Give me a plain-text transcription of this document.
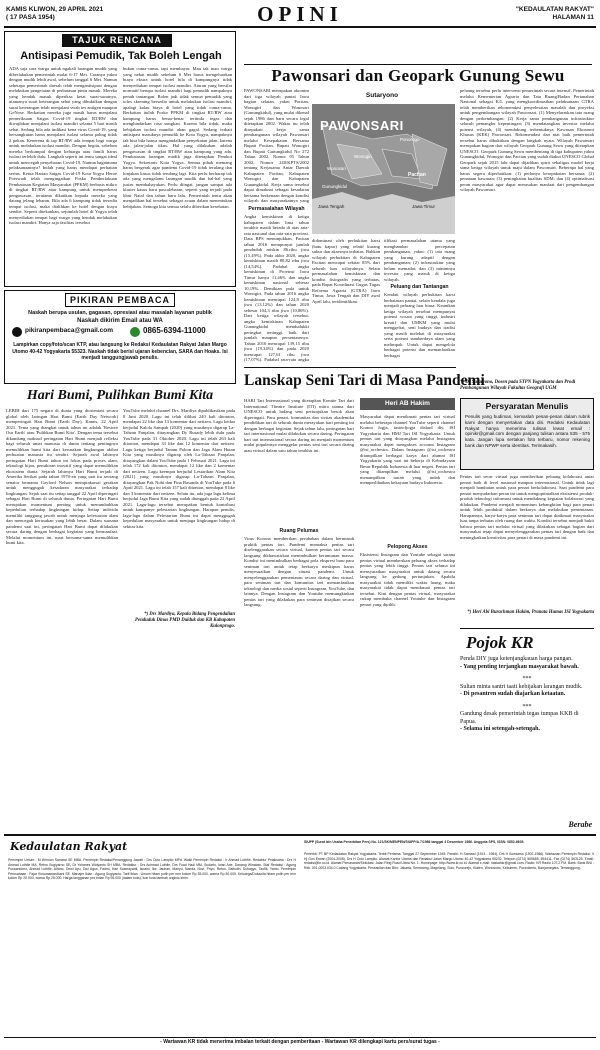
KAMIS KLIWON, 29 APRIL 2021
( 17 PASA 1954)	OPINI	"KEDAULATAN RAKYAT"
HALAMAN 11
TAJUK RENCANA
Antisipasi Pemudik, Tak Boleh Lengah
ADA saja cara warga untuk ngakali larangan mudik yang diberlakukan pemerintah mulai 6-17 Mei. Caranya yakni dengan mudik lebih awal, sebelum tanggal 6 Mei. Namun sebetapa pemerintah daerah telah mengantisipasi dengan melakukan pengetatan di perbatasan pintu masuk. Mereka yang hendak masuk diperiksa ketat surat-suratnya, utamanya surat keterangan sehat yang dibuktikan dengan surat keterangan telah menjalani swab tes antigen maupun GeNose. Berkaitan mereka juga masih harus menjalani pemeriksaan Satgas Covid-19 tingkat RT/RW dan diwajibkan menjalani isolasi mandiri selama 5 hari masih sehat. Sedang bila ada indikasi kena virus Covid-19, yang bersangkutan harus menjalani isolasi selama paling tidak 2 pekan. Kenerena di tap RT/RW ada tempat bagi warga untuk melakukan isolasi mandiri. Dengan begitu, sebelum mereka berkumpul dengan keluarga atau famili harus isolasi terlebih dulu. Langkah seperti ini tentu sangat ideal untuk mencegah penyebaran Covid-19. Namun bagaimana pelaksanaannya? Inilah yang harus mendapat perhatian serius. Ketua Harian Satgas Covid-19 Kota Yogya Heroe Poerwadi telah mengingatkan Posko Pemberlakuan Pembatasan Kegiatan Masyarakat (PPKM) berbasis mikro di tingkat RT/RW atau kampung untuk memperketat pengawasan, terutama dikaitkan kepada mereka yang datang jelang lebaran. Bila ada 6 kampung tidak tersedia tempat isolasi, maka dialihkan ke hotel dengan biaya sendiri. Seperti ditekankan, sejumlah hotel di Yogya telah menyediakan tempat bagi warga yang hendak melakukan isolasi mandiri. Hanya saja fasilitas tersebut
bukan cuma-cuma, tapi membayar. Mau tak mau warga yang nekat mudik sebelum 6 Mei harus mengeluarkan biaya ekstra untuk hotel bila di kampungnya tidak menyediakan tempat isolasi mandiri. Aturan yang bersifat normatif berupa isolasi mandiri bagi pemudik nampaknya penuh tantangan. Bolen jadi tidak semua pemudik yang tolos skrening bersedia untuk melakukan isolasi mandiri, apalagi kalau biaya di hotel yang tidak cuma-cuma. Berkaitan itulah Posko PPKM di tingkat RT/RW atau kampung harus benar-benar tertinda tegas dan menghindarkan rasa sungkan. Karena bila tidak, maka kebijakan isolasi mandiri akan gagal. Sedang terkait antisipasi masuknya pemudik ke Kota Yogya, nampaknya tak bisa bila hanya mengandalkan penyekatan jalan, karena ada jalan-jalan tikus. Hal yang dilakukan adalah pengawasan di tingkat RT/RW atau kampung yang ada. Pembatasan larangan mudik juga ditetapkan Pemkot Yogya. Sekretaris Kota Yogya. Semua pihak memang harus bergerak agar pandemi Covid-19 tidak terulang dan lonjakan kasus tidak terulang lagi. Kita perlu berharap tak ada yang mengalami larangan mudik dan hal-hal yang justru membahayakan. Perlu diingat, jangan sampai ada klaster kasus baru pascalebaran, seperti yang terjadi pada libur Natal dan tahun baru lalu. Pemerintah tentu akan menjadikan hal tersebut sebagai acuan dalam menentukan kebijakan. Semoga kita semua selalu diberikan kesehatan.
PIKIRAN PEMBACA
Naskah berupa usulan, gagasan, opresiasi atau masalah layanan publik
Naskah dikirim Email atau WA
pikiranpembaca@gmail.com	0865-6394-11000
Lampirkan copy/foto/scan KTP, atau langsung ke Redaksi Kedaulatan Rakyat Jalan Margo Utomo 40-42 Yogyakarta 55323. Naskah tidak berisi ujaran kebencian, SARA dan Hoaks. Isi menjadi tanggungjawab penulis.
Hari Bumi, Pulihkan Bumi Kita
LEBIH dari 175 negara di dunia yang diorientasi secara global oleh Jaringan Hari Bumi (Earth Day Network) memperingati Hari Bumi (Earth Day), Kamis, 22 April 2021. Tema yang diangkat untuk tahun ini adalah 'Restore Our Earth' atau 'Pulihkan Bumi Kita'. Dengan tema tersebut dikandung maksud peringatan Hari Bumi menjadi refleksi bagi seluruh umat manusia di dunia tentang pentingnya memulihkan bumi kita dari kerusakan lingkungan akibat perbuatan manusia itu sendiri. Sejarah awal lahirnya peringatan Hari Bumi tahun ini fokus pada proses alam, teknologi hijau, pemikiran inovatif yang dapat memulihkan ekosistem dunia. Sejarah lahirnya Hari Bumi terjadi di Amerika Serikat pada tahun 1970-an yang saat itu seorang senator bernama Gaylord Nelson memprakarsai gerakan untuk menggugah kesadaran masyarakat terhadap lingkungan. Sejak saat itu setiap tanggal 22 April diperingati sebagai Hari Bumi di seluruh dunia. Peringatan Hari Bumi merupakan momentum penting untuk menumbuhkan kepedulian terhadap lingkungan hidup. Setiap individu memiliki tanggung jawab untuk menjaga kelestarian alam dan mencegah kerusakan yang lebih besar. Dalam suasana pandemi saat ini, peringatan Hari Bumi dapat dilakukan secara daring dengan berbagai kegiatan yang bermanfaat. Melalui momentum ini, mari bersama-sama memulihkan bumi kita.
YouTube melalui channel Drs. Mardiya dipublikasikan pada 8 Juni 2020. Lagu ini telah dilihat 240 kali ditonton, mendapat 22 like dan 13 komentar dari netizen. Lagu kedua berjudul Kalola Sampah (2020) yang musiknya digarap La-Tahzan Panjalan, ditayangkan Dy Rusady lebih dulu pada YouTube pada 31 Oktober 2020. Lagu ini telah 263 kali ditonton, mendapat 33 like dan 12 komentar dari netizen. Lagu ketiga berjudul Tanam Pohon dan Jaga Alam Hutan Kita yang musiknya digarap oleh La-Tahzan Panjalan, ditayangkan dalam YouTube pada 1 Februari 2021. Lagu ini telah 172 kali ditonton, mendapat 12 like dan 2 komentar dari netizen. Lagu keempat berjudul Lestarikan Alam Kita (2021) yang musiknya digarap La-Tahzan Panjalan, ditayangkan Pak Nobi dan Fina Rasanda di YouTube pada 6 April 2021. Lagu ini telah 157 kali ditonton, mendapat 8 like dan 3 komentar dari netizen. Selain itu, ada juga lagu kelima berjudul Jaga Bumi Kita yang sudah diunggah pada 22 April 2021. Lagu-lagu tersebut merupakan bentuk kontribusi untuk kampanye pelestarian lingkungan. Harapan penulis, lagu-lagu dalam Pelestarian Bumi ini dapat menggugah kepedulian masyarakat untuk menjaga lingkungan hidup di sekitar kita.
*) Drs Mardiya, Kepala Bidang Pengendalian Penduduk Dinas PMD Dalduk dan KB Kabupaten Kulonprogo.
Pawonsari dan Geopark Gunung Sewu
PAWONSARI merupakan akronim dari tiga wilayah pantai Jawa bagian selatan, yakni Pacitan, Wonogiri dan Wonosari (Gunungkidul), yang mulai dikenal sejak 1986 dan baru secara legal ditetapkan 2002. Waktu itu telah disepakati kerja sama pembangunan wilayah Pawonsari melalui Kesepakatan Bersama Bupati Pacitan, Bupati Wonogiri dan Bupati Gunungkidul No 272 Tahun 2002, Nomor 05 Tahun 2002, Nomor 240/KPTS/2002 tentang Kerjasama Antar Daerah Kabupaten Pacitan, Kabupaten Wonogiri dan Kabupaten Gunungkidul. Kerja sama tersebut dapat dimaknai sebagai kesadaran bersama berkenaan dengan kondisi wilayah dan masyarakatnya yang
Permasalahan Wilayah
Angka kemiskinan di ketiga kabupaten dalam lima tahun terakhir masih berada di atas rata-rata nasional dan rata-rata provinsi. Data BPS menunjukkan, Pacitan tahun 2016 mempunyai jumlah penduduk miskin 86.ribu jiwa (15.49%). Pada akhir 2020, angka kemiskinan masih 80,82 ribu jiwa (14,54%). Padahal angka kemiskinan di Provinsi Jawa Timur hanya 11,46% dan angka kemiskinan nasional sebesar 10,19%. Demikian pula untuk Wonogiri. Pada tahun 2016 angka kemiskinan mencapai 124,8 ribu jiwa (13,12%) dan tahun 2020 sebesar 104,3 ribu jiwa (10,86%). Dari ketiga wilayah tersebut, angka kemiskinan Kabupaten Gunungkidul mendudukki peringkat tertinggi, baik dari jumlah maupun persentasenya. Tahun 2016 mencapai 139,15 ribu jiwa (19,34%) dan pada 2020 mencapai 127,61 ribu jiwa (17,07%). Padahal rata-rata angka
Sutaryono
PAWONSARI
Ponorogo
Wonogiri
Wonosari
Pacitan
Gunungkidul
Jawa Tengah	Jawa Timur
didominasi oleh perbukitan karst (batu kapur) yang relatif kurang subur dan aksesnya terbatas. Bahkan wilayah perbukitan di Kabupaten Pacitan mencapai sekitar 85% dari seluruh luas wilayahnya. Selain permasalahan kemiskinan dan kondisi fisiografis yang terbatas, pada Rapat Koordinasi Gugus Tugas Reforma Agraria (GTRA) Jawa Timur, Jawa Tengah dan DIY awal April lalu, teridentifikasi
tifikasi permasalahan utama yang menghambat percepatan pembangunan, yakni: (1) tata ruang yang kurang adaptif dengan pembangunan; (2) infrastruktur yang belum memadai; dan (3) minimnya investor yang masuk di ketiga wilayah.
Peluang dan Tantangan
Kendati wilayah perbukitan karst berbatasan pantai, selain kendala juga menjadi peluang luar biasa. Keunikan ketiga wilayah tersebut mempunyai potensi wisata yang tinggi, industri kreatif dan UMKM yang mulai menggeliat, seni budaya dan tradisi yang masih melekat di masyarakat serta potensi sumberdaya alam yang melimpah. Untuk dapat mengelola berbagai potensi dan memanfaatkan berbagai
peluang tersebut perlu intervensi pemerintah secara intensif. Pemerintah melalui Kementerian Agraria dan Tata Ruang/Badan Pertanahan Nasional sebagai K/L yang mengkoordinasikan pelaksanaan GTRA telah memberikan rekomendasi penyelesaian masalah dan proyeksi untuk pengembangan wilayah Pawonsari, (1) Menyelaraskan tata ruang dengan perkembangan; (2) Kerja sama pembangunan infrastruktur seluruh pemangku kepentingan; (3) mendatangkan investor melalui potensi wilayah; (4) mendukung terbentuknya Kawasan Ekonomi Khusus (KEK) Pawonsari. Rekomendasi dan niat baik pemerintah tersebut harus dibuktikan dengan langkah nyata. Wilayah Pawonsari merupakan bagian dari wilayah Geopark Gunung Sewu yang ditetapkan UNESCO. Geopark Gunung Sewu membentang di tiga kabupaten yakni Gunungkidul, Wonogiri dan Pacitan yang sudah diakui UNESCO Global Geopark sejak 2015 lalu dapat dijadikan spirit sekaligus model kerja sama ketiga wilayah untuk maju dalam Pawonsari. Beberapa hal yang harus segera diperhatikan: (1) perlunya kesepakatan bersama; (2) penataan kawasan; (3) peningkatan kualitas SDM; dan (4) optimalisasi peran masyarakat agar dapat merasakan manfaat dari pengembangan wilayah Pawonsari.
*) Dr Sutaryono, Dosen pada STPN Yogyakarta dan Prodi Pembangunan Wilayah Fakultas Geografi UGM
Persyaratan Menulis
Penulis yang budiman, kemaslah pesan-pesan dalam rubrik kami dengan menyertakan data diri. Redaksi Kedaulatan Rakyat hanya menerima tulisan lewat email : opinikr@gmail.com dengan panjang tulisan antara 535 - 575 kata. Jangan lupa sertakan foto terbaru, nomor rekening bank dan NPWP serta identitas. Terimakasih.
Lanskap Seni Tari di Masa Pandemi
HARI Tari Internasional yang ditetapkan Komite Tari dari International Theatre Institute (ITI) mitra utama dari UNESCO untuk bidang seni pertunjukan besok akan diperingati. Para penari, komunitas dan sivitas akademika pendidikan tari di seluruh dunia merayakan hari penting ini dengan berbagai kegiatan. Sejak tahun lalu, peringatan hari tari internasional mulai dilakukan secara daring. Peringatan hari tari internasional secara daring ini menjadi momentum mulai populernya menggelar pentas seni tari secara daring atau virtual dalam satu tahun terakhir ini.
Ruang Pelumas
Virus Korona memberikan perubahan dalam bermusuh praktik pentas tari. Pandemi memaksa pentas tari diselenggarakan secara virtual, karena pentas tari secara langsung dikhawatirkan menimbulkan kerumunan massa. Kondisi ini menimbulkan berbagai pola ekspresi baru para seniman tari untuk tetap berkarya meskipun harus menyesuaikan dengan situasi pandemi. Untuk menyelenggarakan pementasan secara daring dan virtual, para seniman tari dan komunitas tari memanfaatkan teknologi dan media sosial seperti Instagram, YouTube, dan lainnya. Dengan Instagram dan Youtube memungkinkan pentas tari yang dilakukan para seniman disajikan secara langsung.
Heri AB Hakim
Masyarakat dapat menikmati pentas tari virtual melalui beberapa channel YouTube seperti channel Kraton Jogja, tasteofjogja disbud diy, ISI Yogyakarta dan HMJ Tari ISI Yogyakarta. Untuk pentas tari yang ditayangkan melalui Instagram masyarakat dapat mengakses account Instagram @isi_orchestra. Dalam Instagram @isi_orchestra ditampilkan berbagai karya dari alumni ISI Yogyakarta yang saat ini bekerja di Kebudayaan Besar Republik Indonesia di luar negeri. Pentas tari yang ditampilkan melalui @isi_orchestra menampilkan tarian yang indah dan memperlihatkan kekayaan budaya Indonesia.
Pelopong Akses
Eksistensi Instagram dan Youtube sebagai sarana pentas virtual memberikan peluang akses terhadap pentas yang lebih tinggi. Pentas tari selama ini mensyaratkan masyarakat untuk datang secara langsung ke gedung pertunjukan. Apabila masyarakat tidak memiliki waktu luang, maka masyarakat tidak dapat menikmati pentas tari tersebut. Kini dengan pentas virtual, masyarakat cukup membuka channel Youtube dan Instagram penari yang dipilih.
Pentas tari secar virtual juga memberikan peluang kolaborasi antar penari baik di level nasional maupun internasional. Untuk tidak lagi menjadi hambatan untuk para penari berkolaborasi. Saat pandemi para penari menyadarkan peran ini untuk mengoptimalkan eksistensi produk-produk teknologi informasi untuk mendukung kegiatan kolaborasi yang dilakukan. Pandemi menjadi momentum kebangkitan bagi para penari untuk lebih produktif dalam berkarya dan melakukan pementasan. Harapannya, karya-karya para seniman tari dapat dinikmati masyarakat luas tanpa terbatas oleh ruang dan waktu. Kondisi tersebut menjadi bukti bahwa pentas tari melalui virtual yang dilakukan sebagai bagian dari masyarakat tetap dapat menyelenggarakan pentas tari dengan baik dan meningkatkan kreativitas para penari di masa pandemi ini.
*) Heri Abi Burachman Hakim, Pranata Humas ISI Yogyakarta
Pojok KR
Penda DIY juga ketenjangkauan harga pangan.
- Yang penting terjangkau masyarakat bawah.
***
Sultan minta santri taati kebijakan larangan mudik.
- Di pesantren sudah diajarkan ketaatan.
***
Gandung desak pemerintah tegas tumpas KKB di Papua.
- Selama ini setengah-setengah.
Berabe
Kedaulatan Rakyat
Pemimpin Umum : M Wirmon Samawi SE MBA. Pemimpin Redaksi/Penanggung Jawab : Drs Octo Lampito MPd. Wakil Pemimpin Redaksi : Ir Ahmad Luthfie. Redaktur Pelaksana : Drs H Ahmad Luthfie MA, Retno Sugiyarno SE, Dr Yohanes Widyanto SH MBA. Redaktur : Drs Achmad Luthfie, Drs Fuad Hadi MM, Sudarto, Iwan Arie, Danang Wirawan. Staf Redaksi : Agung Purwandono, Ahmad Luthfie, Alfano, Dewi Ayu, Dwi Agus, Fadmi, Hari Susmayanti, Isnaini, Ike, Jauhari, Mahyu, Nanda, Novi, Priyo, Retno, Saifudin, Subagyo, Taufik, Yanto. Pemimpin Perusahaan : Fajar Kusumawardhani SE. Manajer Iklan : Agung Sugiyanto. Tarif Iklan : Umum hitam putih per mm kolom Rp 35.000, warna Rp 50.000. Keluarga/Dukacita hitam putih per mm kolom Rp 20.000, warna Rp 25.000. Harga langganan per bulan Rp 95.000 (dalam kota), luar kota tambah ongkos kirim.
SIUPP (Surat Izin Usaha Penerbitan Pers) No. 121/SK/MENPEN/SIUPP/A.7/1986 tanggal 4 Desember 1986. Anggota SPS, ISSN: 0852-6605.
Penerbit: PT BP Kedaulatan Rakyat Yogyakarta. Terbit Pertama: Tanggal 27 September 1945. Pendiri: H Samawi (1913 - 1984), Drs H Soedarso (1902-1986). Wartawan Pemimpin Redaksi: Ir Hj Gun Erwan (2004-2008), Drs H Octo Lampito. Alamat Kantor Utama dan Redaksi: Jalan Margo Utomo 40-42 Yogyakarta 55232. Telepon (0274) 565685, 554411. Fax (0274) 563125. Email: redaksi@kr.co.id. Alamat Pemasaran/Sirkulasi: Jalan Ring Road Utara No. 1. Homepage: http://www.kr.co.id. Alamat e-mail: naskahkr@gmail.com. Radio: KR Radio 107,2 FM. Bank: Bank BNI - Rek. 001.0003.034.0 Cabang Yogyakarta. Perwakilan dan Biro: Jakarta, Semarang, Magelang, Solo, Purworejo, Klaten, Wonosobo, Kebumen, Purwokerto, Banjarnegara, Temanggung.
- Wartawan KR tidak menerima imbalan terkait dengan pemberitaan - Wartawan KR dilengkapi kartu pers/surat tugas -
